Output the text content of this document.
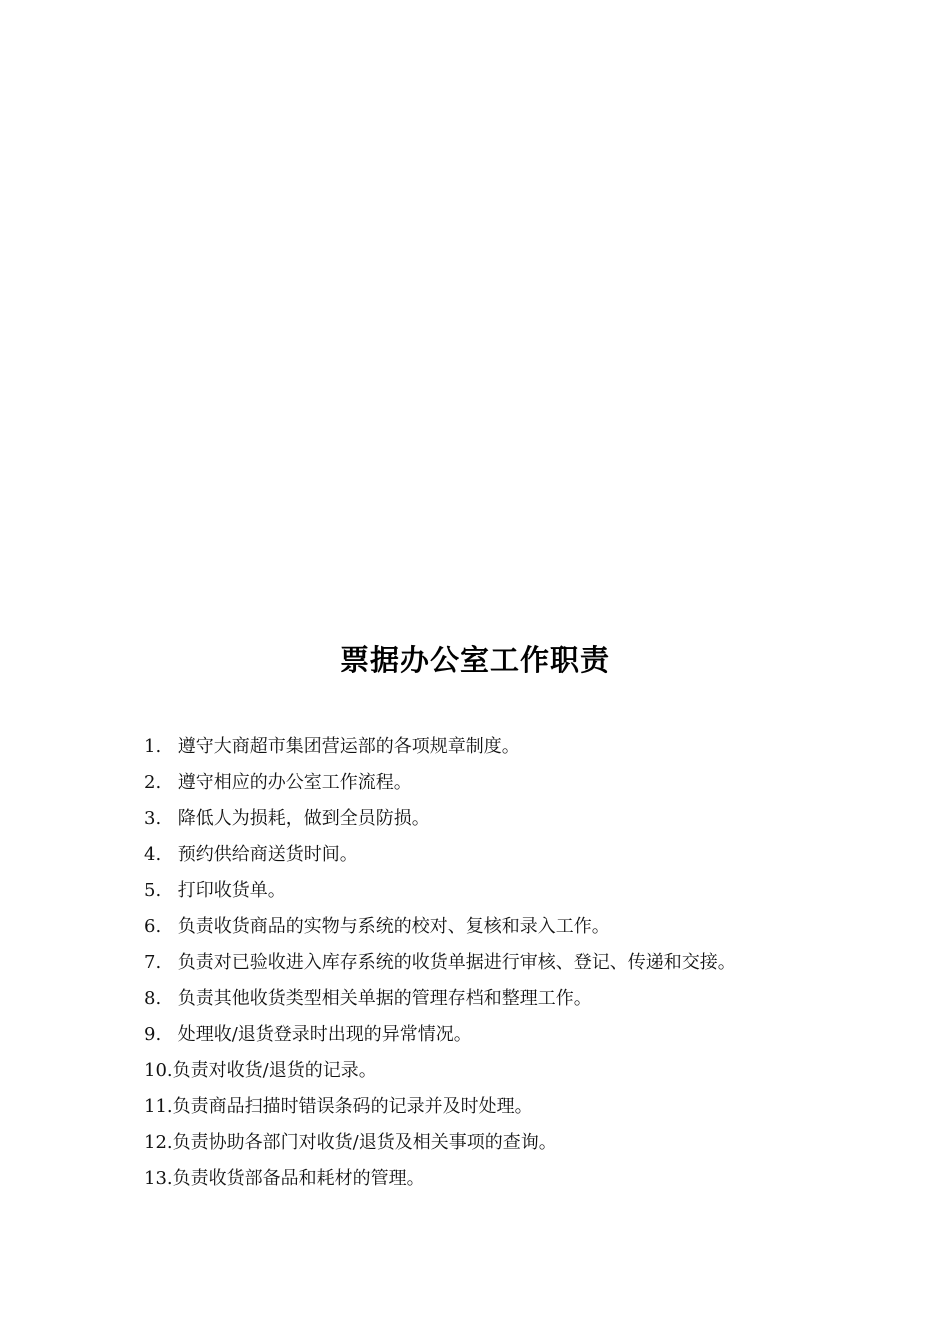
票据办公室工作职责
1. 遵守大商超市集团营运部的各项规章制度。
2. 遵守相应的办公室工作流程。
3. 降低人为损耗，做到全员防损。
4. 预约供给商送货时间。
5. 打印收货单。
6. 负责收货商品的实物与系统的校对、复核和录入工作。
7. 负责对已验收进入库存系统的收货单据进行审核、登记、传递和交接。
8. 负责其他收货类型相关单据的管理存档和整理工作。
9. 处理收/退货登录时出现的异常情况。
10.负责对收货/退货的记录。
11.负责商品扫描时错误条码的记录并及时处理。
12.负责协助各部门对收货/退货及相关事项的查询。
13.负责收货部备品和耗材的管理。
